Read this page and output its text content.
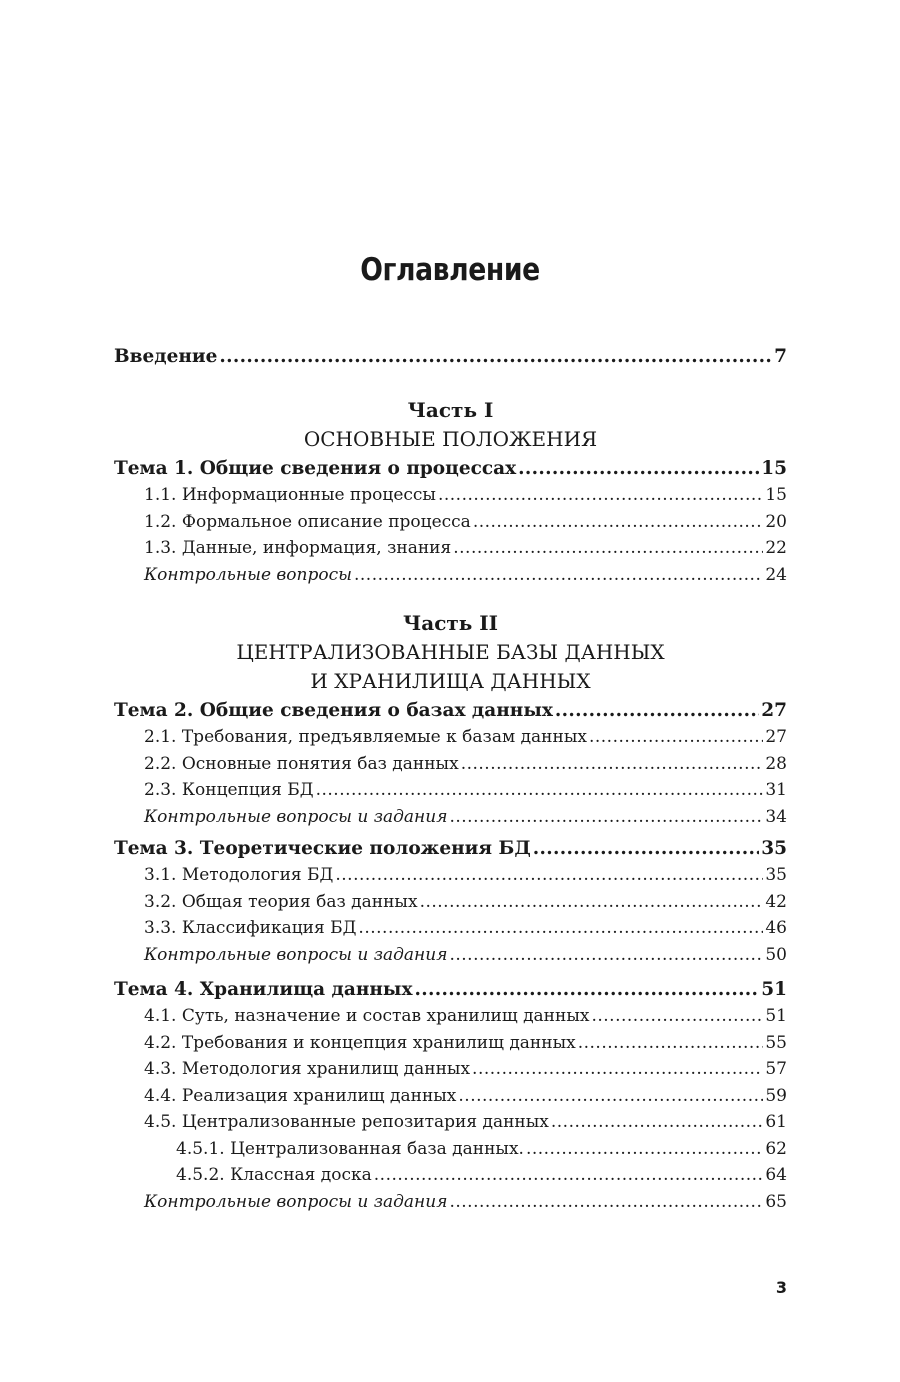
Оглавление
Введение .....	7
Часть I
ОСНОВНЫЕ ПОЛОЖЕНИЯ
Тема 1. Общие сведения о процессах .....	15
1.1. Информационные процессы .....	15
1.2. Формальное описание процесса .....	20
1.3. Данные, информация, знания .....	22
Контрольные вопросы .....	24
Часть II
ЦЕНТРАЛИЗОВАННЫЕ БАЗЫ ДАННЫХ
И ХРАНИЛИЩА ДАННЫХ
Тема 2. Общие сведения о базах данных .....	27
2.1. Требования, предъявляемые к базам данных .....	27
2.2. Основные понятия баз данных .....	28
2.3. Концепция БД .....	31
Контрольные вопросы и задания .....	34
Тема 3. Теоретические положения БД .....	35
3.1. Методология БД .....	35
3.2. Общая теория баз данных .....	42
3.3. Классификация БД .....	46
Контрольные вопросы и задания .....	50
Тема 4. Хранилища данных .....	51
4.1. Суть, назначение и состав хранилищ данных .....	51
4.2. Требования и концепция хранилищ данных .....	55
4.3. Методология хранилищ данных .....	57
4.4. Реализация хранилищ данных .....	59
4.5. Централизованные репозитария данных .....	61
4.5.1. Централизованная база данных. .....	62
4.5.2. Классная доска .....	64
Контрольные вопросы и задания .....	65
3
